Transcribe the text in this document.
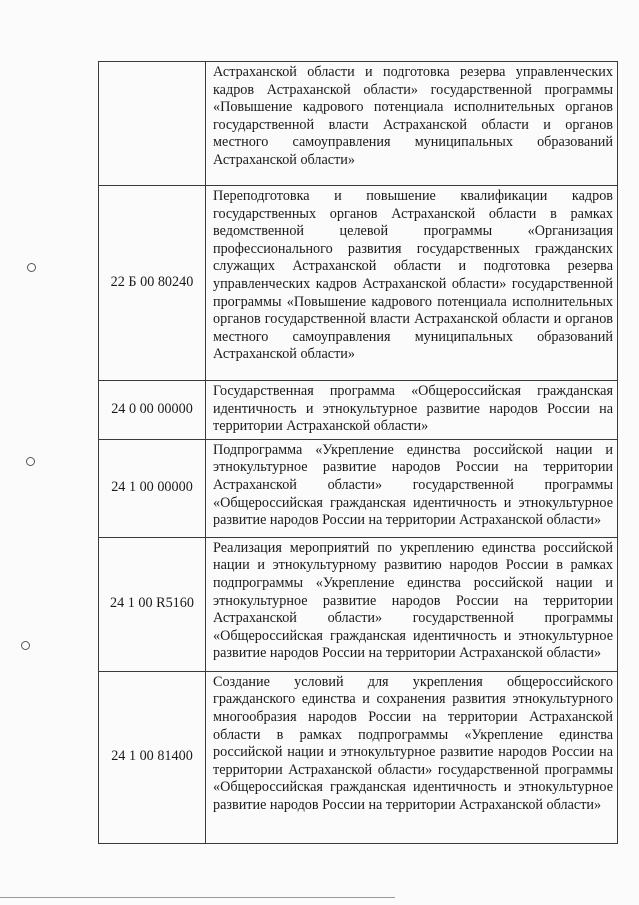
	Астраханской области и подготовка резерва управленческих кадров Астраханской области» государственной программы «Повышение кадрового потенциала исполнительных органов государственной власти Астраханской области и органов местного самоуправления муниципальных образований Астраханской области»
22 Б 00 80240	Переподготовка и повышение квалификации кадров государственных органов Астраханской области в рамках ведомственной целевой программы «Организация профессионального развития государственных гражданских служащих Астраханской области и подготовка резерва управленческих кадров Астраханской области» государственной программы «Повышение кадрового потенциала исполнительных органов государственной власти Астраханской области и органов местного самоуправления муниципальных образований Астраханской области»
24 0 00 00000	Государственная программа «Общероссийская гражданская идентичность и этнокультурное развитие народов России на территории Астраханской области»
24 1 00 00000	Подпрограмма «Укрепление единства российской нации и этнокультурное развитие народов России на территории Астраханской области» государственной программы «Общероссийская гражданская идентичность и этнокультурное развитие народов России на территории Астраханской области»
24 1 00 R5160	Реализация мероприятий по укреплению единства российской нации и этнокультурному развитию народов России в рамках подпрограммы «Укрепление единства российской нации и этнокультурное развитие народов России на территории Астраханской области» государственной программы «Общероссийская гражданская идентичность и этнокультурное развитие народов России на территории Астраханской области»
24 1 00 81400	Создание условий для укрепления общероссийского гражданского единства и сохранения развития этнокультурного многообразия народов России на территории Астраханской области в рамках подпрограммы «Укрепление единства российской нации и этнокультурное развитие народов России на территории Астраханской области» государственной программы «Общероссийская гражданская идентичность и этнокультурное развитие народов России на территории Астраханской области»
